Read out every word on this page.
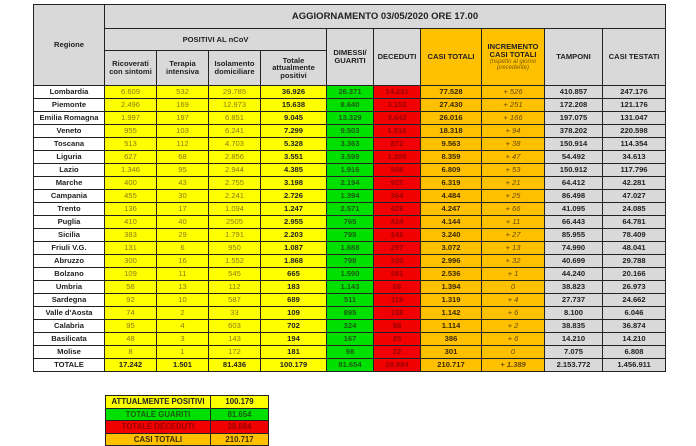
Regione	AGGIORNAMENTO 03/05/2020 ORE 17.00									
	POSITIVI AL nCoV				DIMESSI/ GUARITI	DECEDUTI	CASI TOTALI	INCREMENTO CASI TOTALI
(rispetto al giorno precedente)	TAMPONI	CASI TESTATI
	Ricoverati con sintomi	Terapia intensiva	Isolamento domiciliare	Totale attualmente positivi						
Lombardia	6.609	532	29.785	36.926	26.371	14.231	77.528	+ 526	410.857	247.176
Piemonte	2.496	169	12.973	15.638	8.640	3.152	27.430	+ 251	172.208	121.176
Emilia Romagna	1.997	197	6.851	9.045	13.329	3.642	26.016	+ 166	197.075	131.047
Veneto	955	103	6.241	7.299	9.503	1.516	18.318	+ 94	378.202	220.598
Toscana	513	112	4.703	5.328	3.363	872	9.563	+ 38	150.914	114.354
Liguria	627	68	2.856	3.551	3.599	1.209	8.359	+ 47	54.492	34.613
Lazio	1.346	95	2.944	4.385	1.916	508	6.809	+ 53	150.912	117.796
Marche	400	43	2.755	3.198	2.194	927	6.319	+ 21	64.412	42.281
Campania	455	30	2.241	2.726	1.394	364	4.484	+ 25	86.498	47.027
Trento	136	17	1.094	1.247	2.571	429	4.247	+ 66	41.095	24.085
Puglia	410	40	2505	2.955	765	424	4.144	+ 11	66.443	64.781
Sicilia	383	29	1.791	2.203	795	242	3.240	+ 27	85.955	78.409
Friuli V.G.	131	6	950	1.087	1.688	297	3.072	+ 13	74.990	48.041
Abruzzo	300	16	1.552	1.868	798	330	2.996	+ 32	40.699	29.788
Bolzano	109	11	545	665	1.590	281	2.536	+ 1	44.240	20.166
Umbria	58	13	112	183	1.143	68	1.394	0	38.823	26.973
Sardegna	92	10	587	689	511	119	1.319	+ 4	27.737	24.662
Valle d'Aosta	74	2	33	109	895	138	1.142	+ 6	8.100	6.046
Calabria	95	4	603	702	324	88	1.114	+ 2	38.835	36.874
Basilicata	48	3	143	194	167	25	386	+ 6	14.210	14.210
Molise	8	1	172	181	98	22	301	0	7.075	6.808
TOTALE	17.242	1.501	81.436	100.179	81.654	28.884	210.717	+ 1.389	2.153.772	1.456.911
ATTUALMENTE POSITIVI	100.179
TOTALE GUARITI	81.654
TOTALE DECEDUTI	28.884
CASI TOTALI	210.717
